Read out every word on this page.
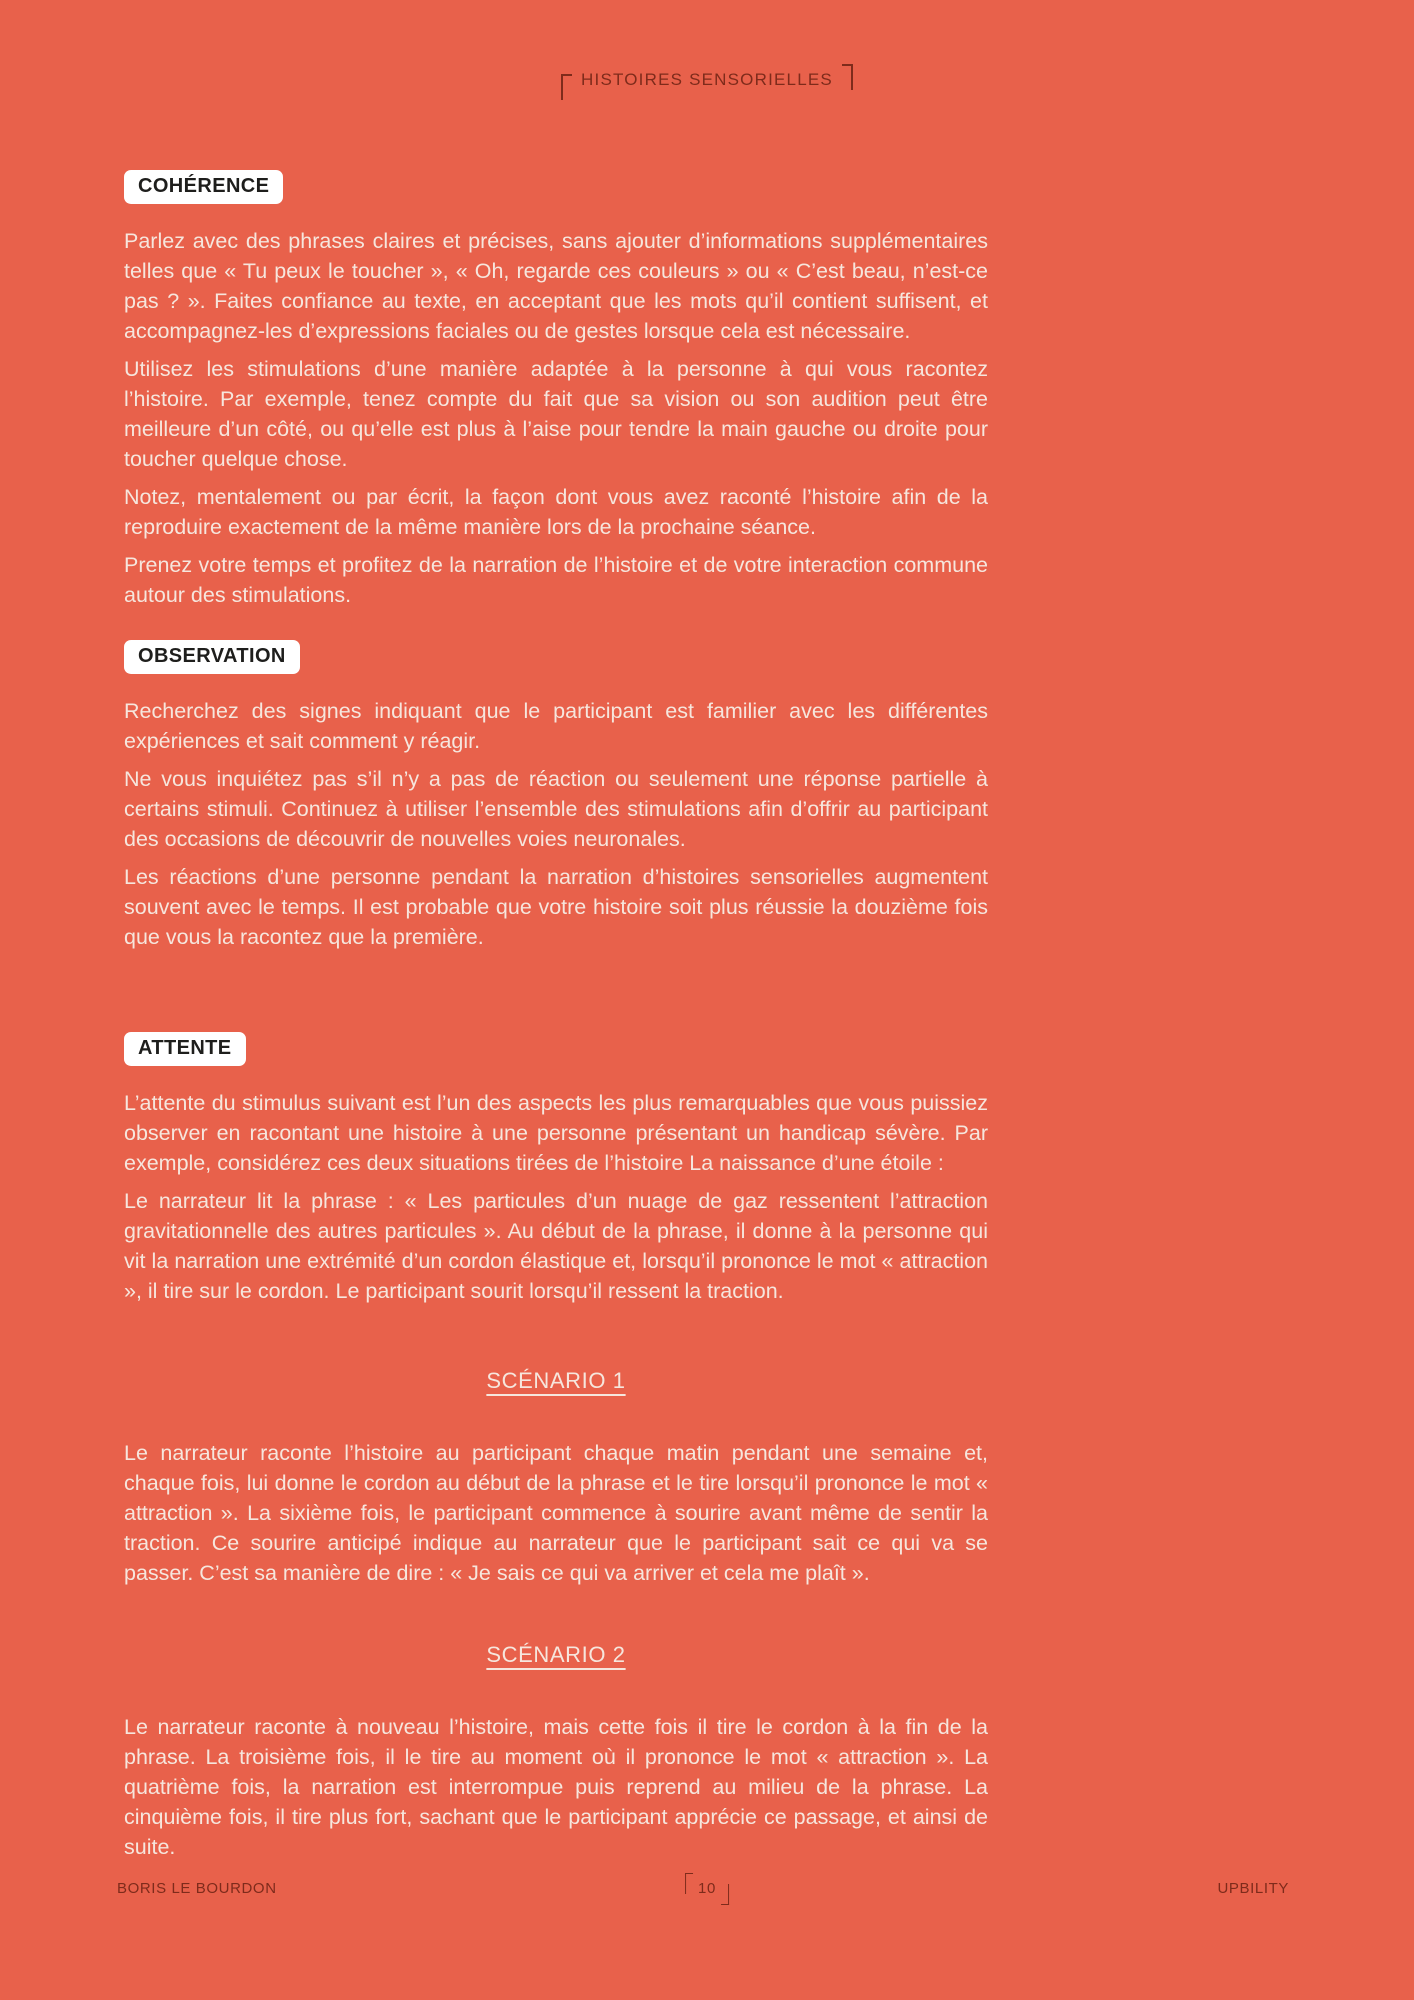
HISTOIRES SENSORIELLES
COHÉRENCE

Parlez avec des phrases claires et précises, sans ajouter d’informations supplémentaires telles que « Tu peux le toucher », « Oh, regarde ces couleurs » ou « C’est beau, n’est-ce pas ? ». Faites confiance au texte, en acceptant que les mots qu’il contient suffisent, et accompagnez-les d’expressions faciales ou de gestes lorsque cela est nécessaire.

Utilisez les stimulations d’une manière adaptée à la personne à qui vous racontez l’histoire. Par exemple, tenez compte du fait que sa vision ou son audition peut être meilleure d’un côté, ou qu’elle est plus à l’aise pour tendre la main gauche ou droite pour toucher quelque chose.

Notez, mentalement ou par écrit, la façon dont vous avez raconté l’histoire afin de la reproduire exactement de la même manière lors de la prochaine séance.

Prenez votre temps et profitez de la narration de l’histoire et de votre interaction commune autour des stimulations.

OBSERVATION

Recherchez des signes indiquant que le participant est familier avec les différentes expériences et sait comment y réagir.

Ne vous inquiétez pas s’il n’y a pas de réaction ou seulement une réponse partielle à certains stimuli. Continuez à utiliser l’ensemble des stimulations afin d’offrir au participant des occasions de découvrir de nouvelles voies neuronales.

Les réactions d’une personne pendant la narration d’histoires sensorielles augmentent souvent avec le temps. Il est probable que votre histoire soit plus réussie la douzième fois que vous la racontez que la première.

ATTENTE

L’attente du stimulus suivant est l’un des aspects les plus remarquables que vous puissiez observer en racontant une histoire à une personne présentant un handicap sévère. Par exemple, considérez ces deux situations tirées de l’histoire La naissance d’une étoile :

Le narrateur lit la phrase : « Les particules d’un nuage de gaz ressentent l’attraction gravitationnelle des autres particules ». Au début de la phrase, il donne à la personne qui vit la narration une extrémité d’un cordon élastique et, lorsqu’il prononce le mot « attraction », il tire sur le cordon. Le participant sourit lorsqu’il ressent la traction.

SCÉNARIO 1

Le narrateur raconte l’histoire au participant chaque matin pendant une semaine et, chaque fois, lui donne le cordon au début de la phrase et le tire lorsqu’il prononce le mot « attraction ». La sixième fois, le participant commence à sourire avant même de sentir la traction. Ce sourire anticipé indique au narrateur que le participant sait ce qui va se passer. C’est sa manière de dire : « Je sais ce qui va arriver et cela me plaît ».

SCÉNARIO 2

Le narrateur raconte à nouveau l’histoire, mais cette fois il tire le cordon à la fin de la phrase. La troisième fois, il le tire au moment où il prononce le mot « attraction ». La quatrième fois, la narration est interrompue puis reprend au milieu de la phrase. La cinquième fois, il tire plus fort, sachant que le participant apprécie ce passage, et ainsi de suite.

BORIS LE BOURDON	10	UPBILITY
